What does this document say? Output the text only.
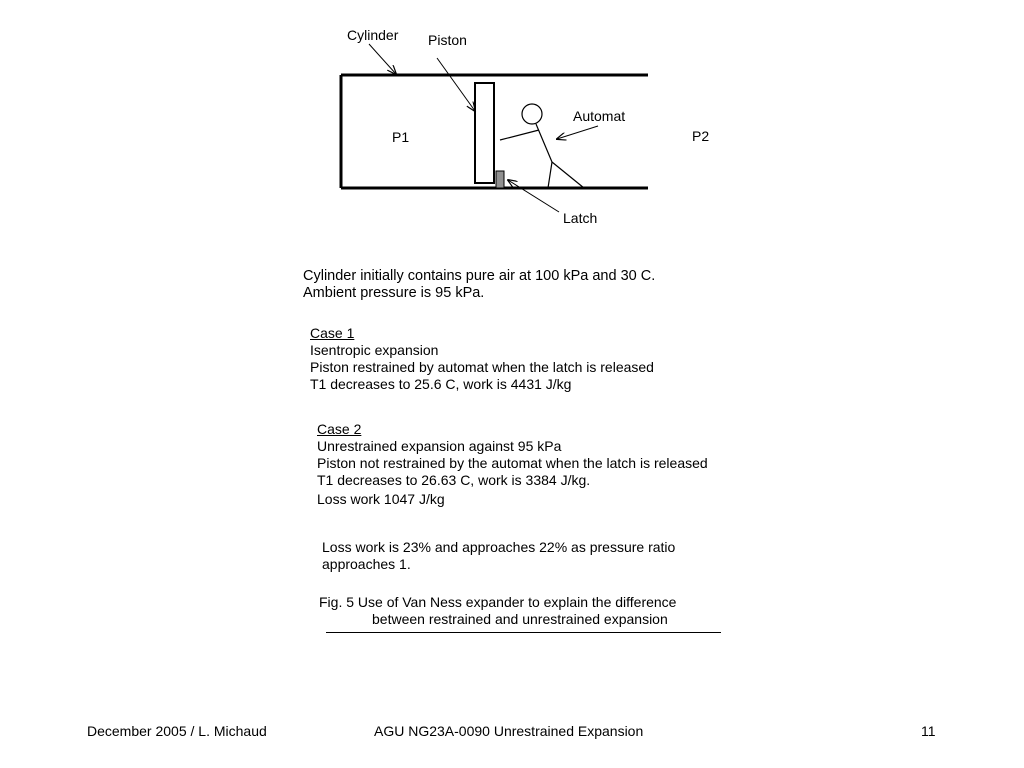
Cylinder Piston
Automat
P1	P2
Latch
Cylinder initially contains pure air at 100 kPa and 30 C.
Ambient pressure is 95 kPa.
Case 1
Isentropic expansion
Piston restrained by automat when the latch is released
T1 decreases to 25.6 C, work is 4431 J/kg
Case 2
Unrestrained expansion against 95 kPa
Piston not restrained by the automat when the latch is released
T1 decreases to 26.63 C, work is 3384 J/kg.
Loss work 1047 J/kg
Loss work is 23% and approaches 22% as pressure ratio
approaches 1.
Fig. 5 Use of Van Ness expander to explain the difference
between restrained and unrestrained expansion
December 2005 / L. Michaud	AGU NG23A-0090 Unrestrained Expansion	11
